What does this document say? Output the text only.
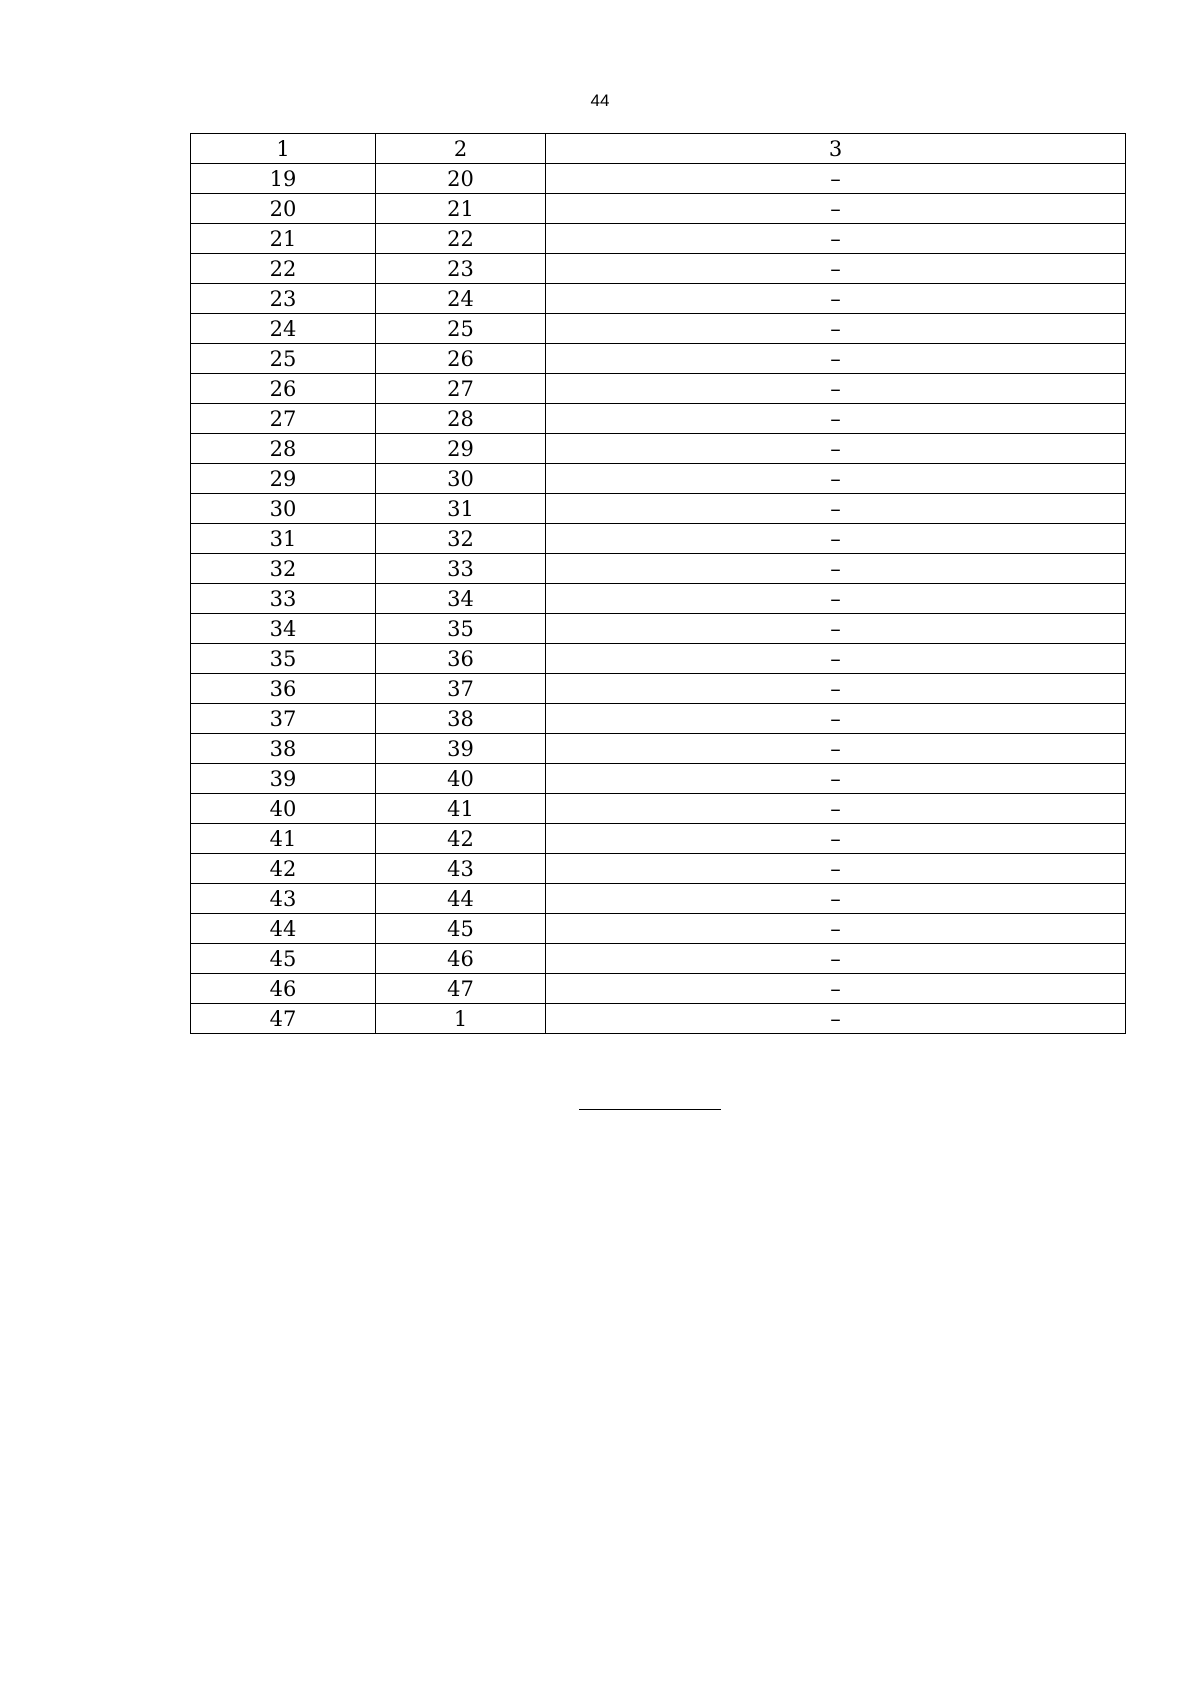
44
1	2	3
19	20	–
20	21	–
21	22	–
22	23	–
23	24	–
24	25	–
25	26	–
26	27	–
27	28	–
28	29	–
29	30	–
30	31	–
31	32	–
32	33	–
33	34	–
34	35	–
35	36	–
36	37	–
37	38	–
38	39	–
39	40	–
40	41	–
41	42	–
42	43	–
43	44	–
44	45	–
45	46	–
46	47	–
47	1	–
